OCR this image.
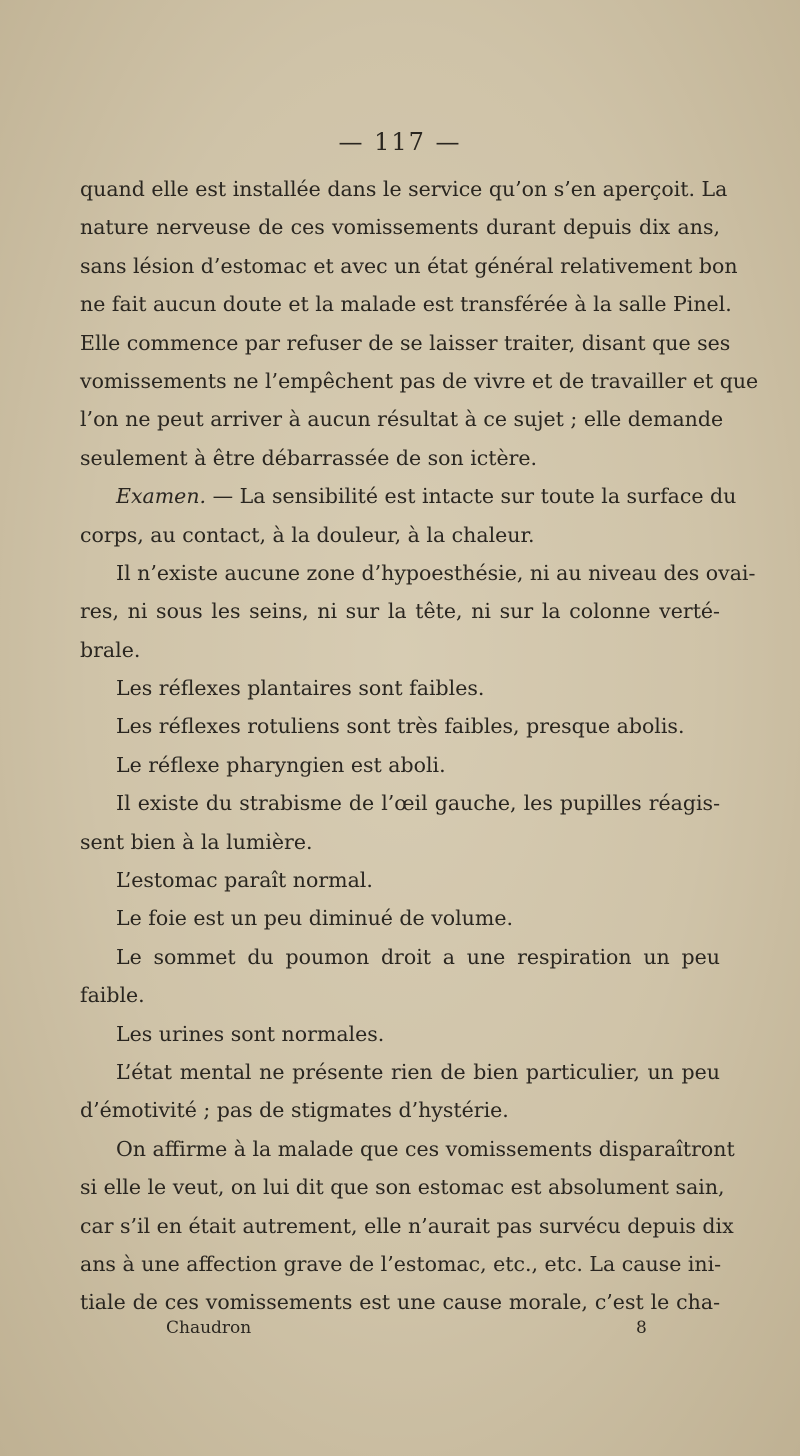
— 117 —
quand elle est installée dans le service qu’on s’en aperçoit. La
nature nerveuse de ces vomissements durant depuis dix ans,
sans lésion d’estomac et avec un état général relativement bon
ne fait aucun doute et la malade est transférée à la salle Pinel.
Elle commence par refuser de se laisser traiter, disant que ses
vomissements ne l’empêchent pas de vivre et de travailler et que
l’on ne peut arriver à aucun résultat à ce sujet ; elle demande
seulement à être débarrassée de son ictère.
Examen. — La sensibilité est intacte sur toute la surface du
corps, au contact, à la douleur, à la chaleur.
Il n’existe aucune zone d’hypoesthésie, ni au niveau des ovai-
res, ni sous les seins, ni sur la tête, ni sur la colonne verté-
brale.
Les réflexes plantaires sont faibles.
Les réflexes rotuliens sont très faibles, presque abolis.
Le réflexe pharyngien est aboli.
Il existe du strabisme de l’œil gauche, les pupilles réagis-
sent bien à la lumière.
L’estomac paraît normal.
Le foie est un peu diminué de volume.
Le sommet du poumon droit a une respiration un peu
faible.
Les urines sont normales.
L’état mental ne présente rien de bien particulier, un peu
d’émotivité ; pas de stigmates d’hystérie.
On affirme à la malade que ces vomissements disparaîtront
si elle le veut, on lui dit que son estomac est absolument sain,
car s’il en était autrement, elle n’aurait pas survécu depuis dix
ans à une affection grave de l’estomac, etc., etc. La cause ini-
tiale de ces vomissements est une cause morale, c’est le cha-
Chaudron	8
